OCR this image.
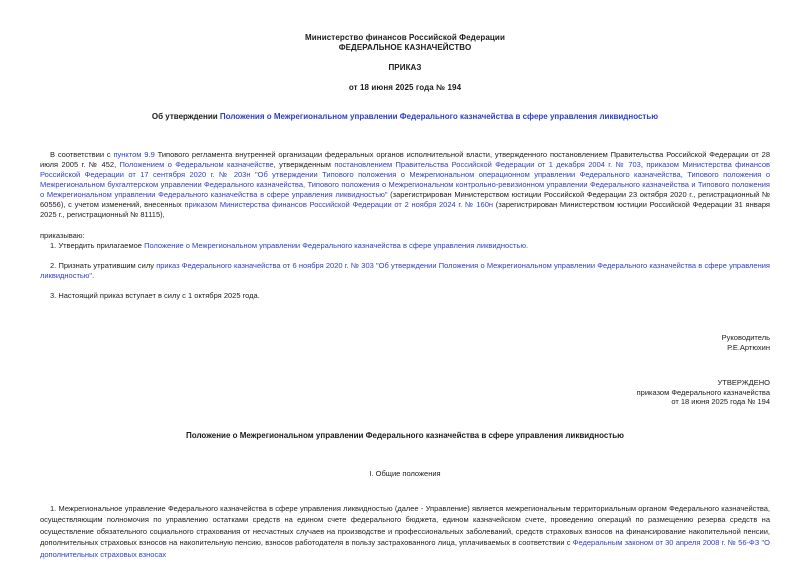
Министерство финансов Российской Федерации
ФЕДЕРАЛЬНОЕ КАЗНАЧЕЙСТВО
ПРИКАЗ
от 18 июня 2025 года № 194
Об утверждении Положения о Межрегиональном управлении Федерального казначейства в сфере управления ликвидностью
В соответствии с пунктом 9.9 Типового регламента внутренней организации федеральных органов исполнительной власти, утвержденного постановлением Правительства Российской Федерации от 28 июля 2005 г. № 452, Положением о Федеральном казначействе, утвержденным постановлением Правительства Российской Федерации от 1 декабря 2004 г. № 703, приказом Министерства финансов Российской Федерации от 17 сентября 2020 г. № 203н "Об утверждении Типового положения о Межрегиональном операционном управлении Федерального казначейства, Типового положения о Межрегиональном бухгалтерском управлении Федерального казначейства, Типового положения о Межрегиональном контрольно-ревизионном управлении Федерального казначейства и Типового положения о Межрегиональном управлении Федерального казначейства в сфере управления ликвидностью" (зарегистрирован Министерством юстиции Российской Федерации 23 октября 2020 г., регистрационный № 60556), с учетом изменений, внесенных приказом Министерства финансов Российской Федерации от 2 ноября 2024 г. № 160н (зарегистрирован Министерством юстиции Российской Федерации 31 января 2025 г., регистрационный № 81115),
приказываю:
1. Утвердить прилагаемое Положение о Межрегиональном управлении Федерального казначейства в сфере управления ликвидностью.
2. Признать утратившим силу приказ Федерального казначейства от 6 ноября 2020 г. № 303 "Об утверждении Положения о Межрегиональном управлении Федерального казначейства в сфере управления ликвидностью".
3. Настоящий приказ вступает в силу с 1 октября 2025 года.
Руководитель
Р.Е.Артюхин
УТВЕРЖДЕНО
приказом Федерального казначейства
от 18 июня 2025 года № 194
Положение о Межрегиональном управлении Федерального казначейства в сфере управления ликвидностью
I. Общие положения
1. Межрегиональное управление Федерального казначейства в сфере управления ликвидностью (далее - Управление) является межрегиональным территориальным органом Федерального казначейства, осуществляющим полномочия по управлению остатками средств на едином счете федерального бюджета, едином казначейском счете, проведению операций по размещению резерва средств на осуществление обязательного социального страхования от несчастных случаев на производстве и профессиональных заболеваний, средств страховых взносов на финансирование накопительной пенсии, дополнительных страховых взносов на накопительную пенсию, взносов работодателя в пользу застрахованного лица, уплачиваемых в соответствии с Федеральным законом от 30 апреля 2008 г. № 56-ФЗ "О дополнительных страховых взносах
